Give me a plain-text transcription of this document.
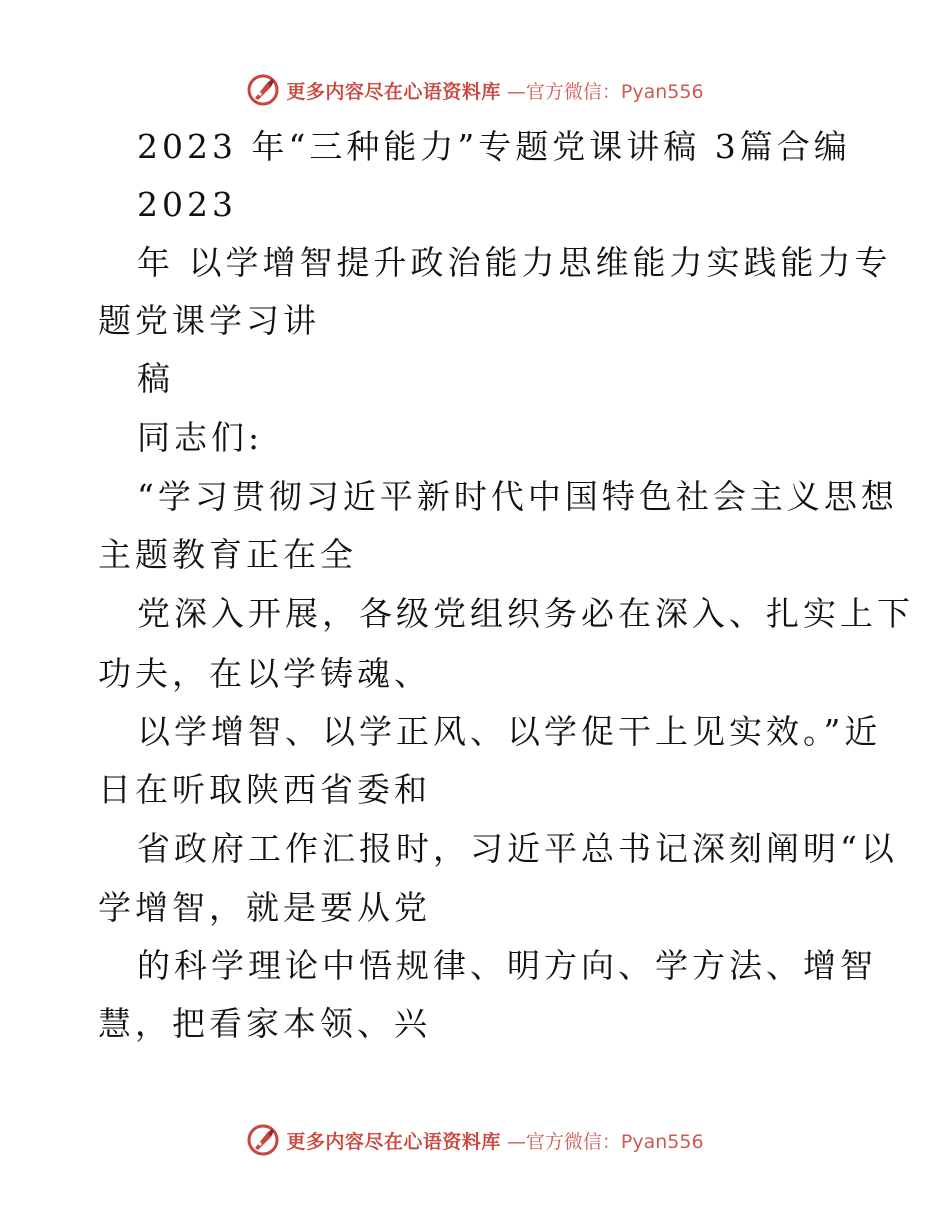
更多内容尽在心语资料库 —官方微信：Pyan556
2023 年“三种能力”专题党课讲稿 3篇合编
2023
年 以学增智提升政治能力思维能力实践能力专
题党课学习讲
稿
同志们:
“学习贯彻习近平新时代中国特色社会主义思想
主题教育正在全
党深入开展，各级党组织务必在深入、扎实上下
功夫，在以学铸魂、
以学增智、以学正风、以学促干上见实效。”近
日在听取陕西省委和
省政府工作汇报时，习近平总书记深刻阐明“以
学增智，就是要从党
的科学理论中悟规律、明方向、学方法、增智
慧，把看家本领、兴
更多内容尽在心语资料库 —官方微信：Pyan556
